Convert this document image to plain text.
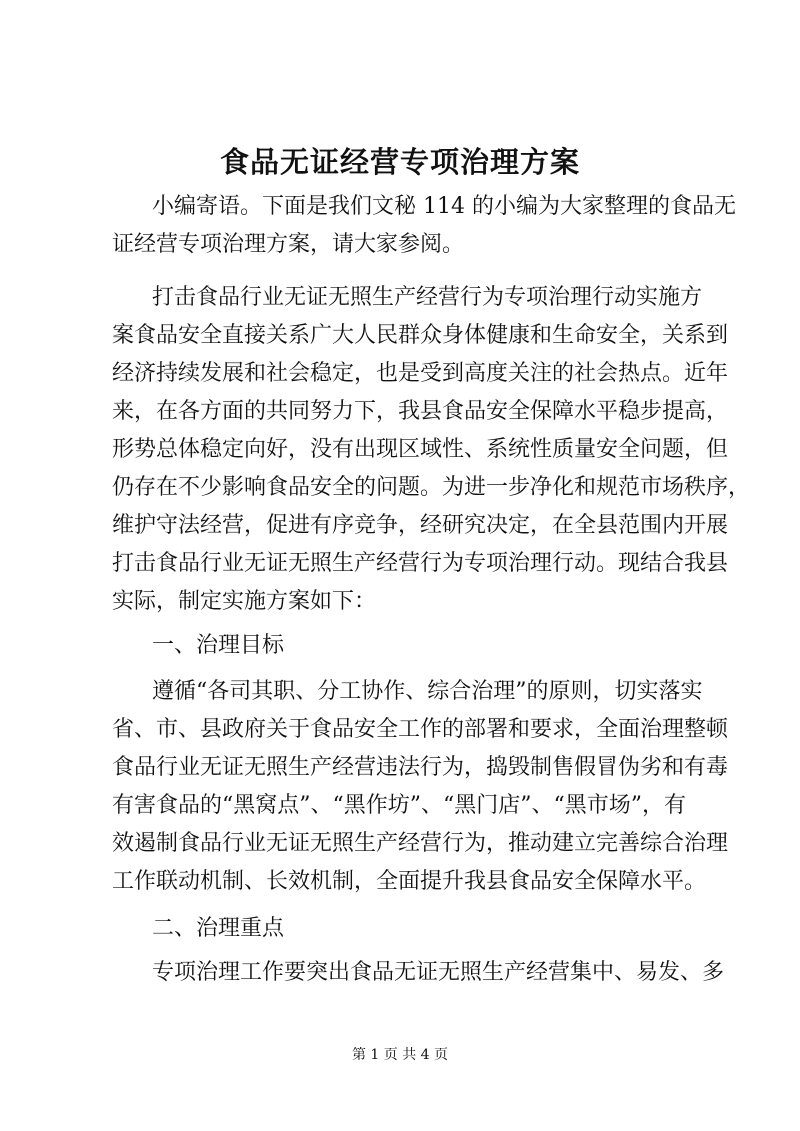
食品无证经营专项治理方案
小编寄语。下面是我们文秘 114 的小编为大家整理的食品无
证经营专项治理方案，请大家参阅。
打击食品行业无证无照生产经营行为专项治理行动实施方
案食品安全直接关系广大人民群众身体健康和生命安全，关系到
经济持续发展和社会稳定，也是受到高度关注的社会热点。近年
来，在各方面的共同努力下，我县食品安全保障水平稳步提高，
形势总体稳定向好，没有出现区域性、系统性质量安全问题，但
仍存在不少影响食品安全的问题。为进一步净化和规范市场秩序，
维护守法经营，促进有序竞争，经研究决定，在全县范围内开展
打击食品行业无证无照生产经营行为专项治理行动。现结合我县
实际，制定实施方案如下：
一、治理目标
遵循“各司其职、分工协作、综合治理”的原则，切实落实
省、市、县政府关于食品安全工作的部署和要求，全面治理整顿
食品行业无证无照生产经营违法行为，捣毁制售假冒伪劣和有毒
有害食品的“黑窝点”、“黑作坊”、“黑门店”、“黑市场”，有
效遏制食品行业无证无照生产经营行为，推动建立完善综合治理
工作联动机制、长效机制，全面提升我县食品安全保障水平。
二、治理重点
专项治理工作要突出食品无证无照生产经营集中、易发、多
第 1 页 共 4 页
